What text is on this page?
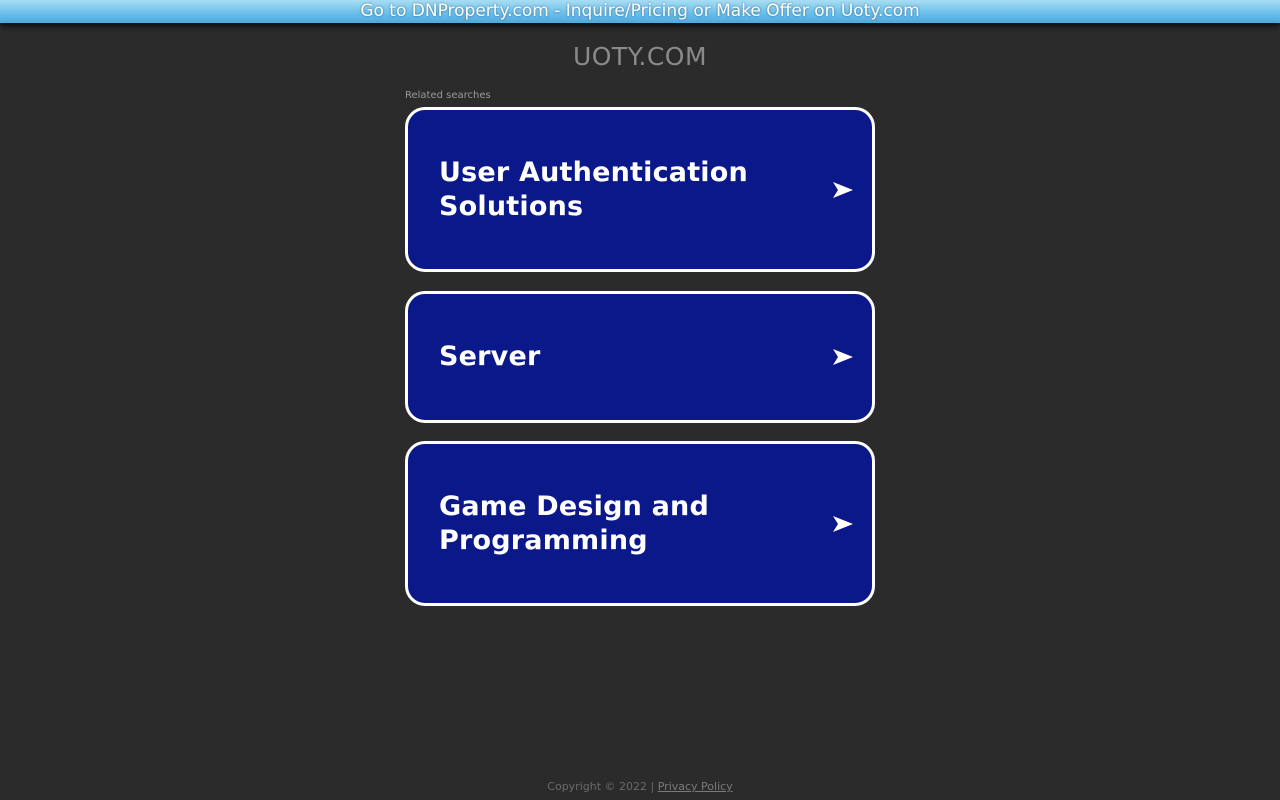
Go to DNProperty.com - Inquire/Pricing or Make Offer on Uoty.com
UOTY.COM
Related searches
User Authentication Solutions
Server
Game Design and Programming
Copyright © 2022 | Privacy Policy
